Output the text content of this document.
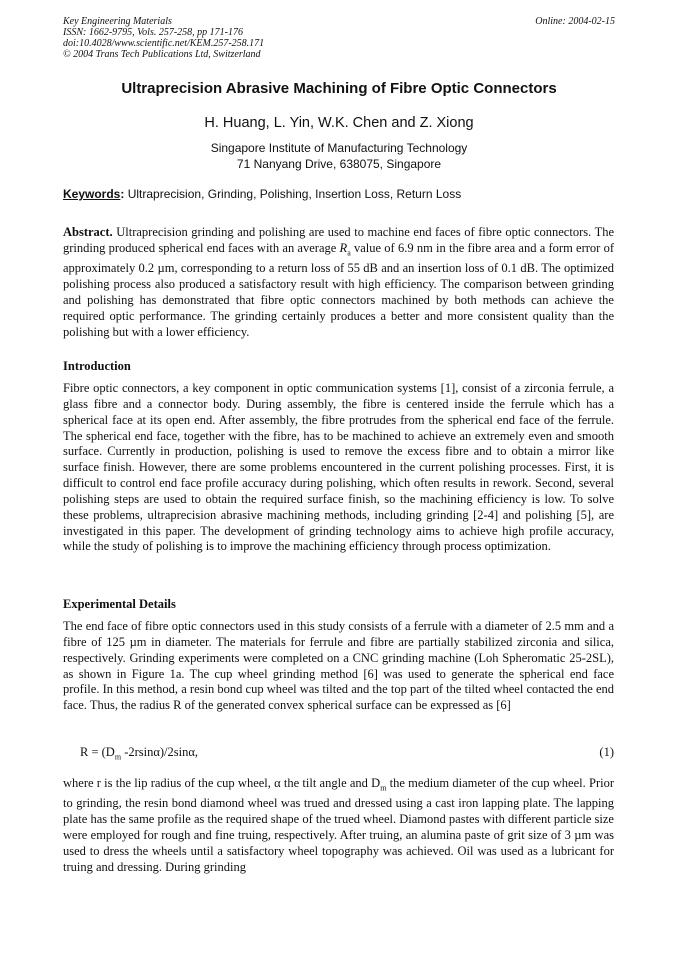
Key Engineering Materials
ISSN: 1662-9795, Vols. 257-258, pp 171-176
doi:10.4028/www.scientific.net/KEM.257-258.171
© 2004 Trans Tech Publications Ltd, Switzerland
Online: 2004-02-15
Ultraprecision Abrasive Machining of Fibre Optic Connectors
H. Huang, L. Yin, W.K. Chen and Z. Xiong
Singapore Institute of Manufacturing Technology
71 Nanyang Drive, 638075, Singapore
Keywords: Ultraprecision, Grinding, Polishing, Insertion Loss, Return Loss
Abstract. Ultraprecision grinding and polishing are used to machine end faces of fibre optic connectors. The grinding produced spherical end faces with an average $R_a$ value of 6.9 nm in the fibre area and a form error of approximately 0.2 µm, corresponding to a return loss of 55 dB and an insertion loss of 0.1 dB. The optimized polishing process also produced a satisfactory result with high efficiency. The comparison between grinding and polishing has demonstrated that fibre optic connectors machined by both methods can achieve the required optic performance. The grinding certainly produces a better and more consistent quality than the polishing but with a lower efficiency.
Introduction
Fibre optic connectors, a key component in optic communication systems [1], consist of a zirconia ferrule, a glass fibre and a connector body. During assembly, the fibre is centered inside the ferrule which has a spherical face at its open end. After assembly, the fibre protrudes from the spherical end face of the ferrule. The spherical end face, together with the fibre, has to be machined to achieve an extremely even and smooth surface. Currently in production, polishing is used to remove the excess fibre and to obtain a mirror like surface finish. However, there are some problems encountered in the current polishing processes. First, it is difficult to control end face profile accuracy during polishing, which often results in rework. Second, several polishing steps are used to obtain the required surface finish, so the machining efficiency is low. To solve these problems, ultraprecision abrasive machining methods, including grinding [2-4] and polishing [5], are investigated in this paper. The development of grinding technology aims to achieve high profile accuracy, while the study of polishing is to improve the machining efficiency through process optimization.
Experimental Details
The end face of fibre optic connectors used in this study consists of a ferrule with a diameter of 2.5 mm and a fibre of 125 µm in diameter. The materials for ferrule and fibre are partially stabilized zirconia and silica, respectively. Grinding experiments were completed on a CNC grinding machine (Loh Spheromatic 25-2SL), as shown in Figure 1a. The cup wheel grinding method [6] was used to generate the spherical end face profile. In this method, a resin bond cup wheel was tilted and the top part of the tilted wheel contacted the end face. Thus, the radius R of the generated convex spherical surface can be expressed as [6]
$R = (D_m$ -2rsinα)/2sinα,	(1)
where r is the lip radius of the cup wheel, α the tilt angle and $D_m$ the medium diameter of the cup wheel. Prior to grinding, the resin bond diamond wheel was trued and dressed using a cast iron lapping plate. The lapping plate has the same profile as the required shape of the trued wheel. Diamond pastes with different particle size were employed for rough and fine truing, respectively. After truing, an alumina paste of grit size of 3 µm was used to dress the wheels until a satisfactory wheel topography was achieved. Oil was used as a lubricant for truing and dressing. During grinding
